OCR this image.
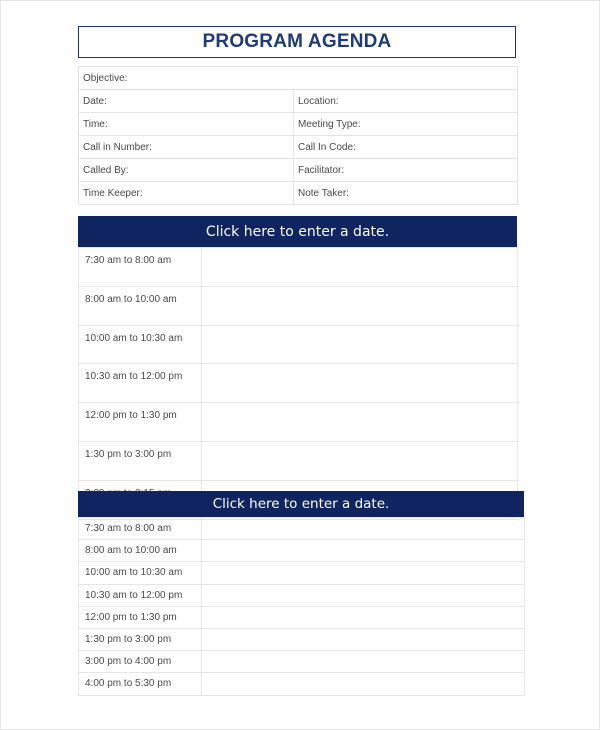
PROGRAM AGENDA
Objective:	
Date:	Location:
Time:	Meeting Type:
Call in Number:	Call In Code:
Called By:	Facilitator:
Time Keeper:	Note Taker:
Click here to enter a date.
7:30 am to 8:00 am	
8:00 am to 10:00 am	
10:00 am to 10:30 am	
10:30 am to 12:00 pm	
12:00 pm to 1:30 pm	
1:30 pm to 3:00 pm	

Click here to enter a date.
7:30 am to 8:00 am	
8:00 am to 10:00 am	
10:00 am to 10:30 am	
10:30 am to 12:00 pm	
12:00 pm to 1:30 pm	
1:30 pm to 3:00 pm	
3:00 pm to 4:00 pm	
4:00 pm to 5:30 pm	
